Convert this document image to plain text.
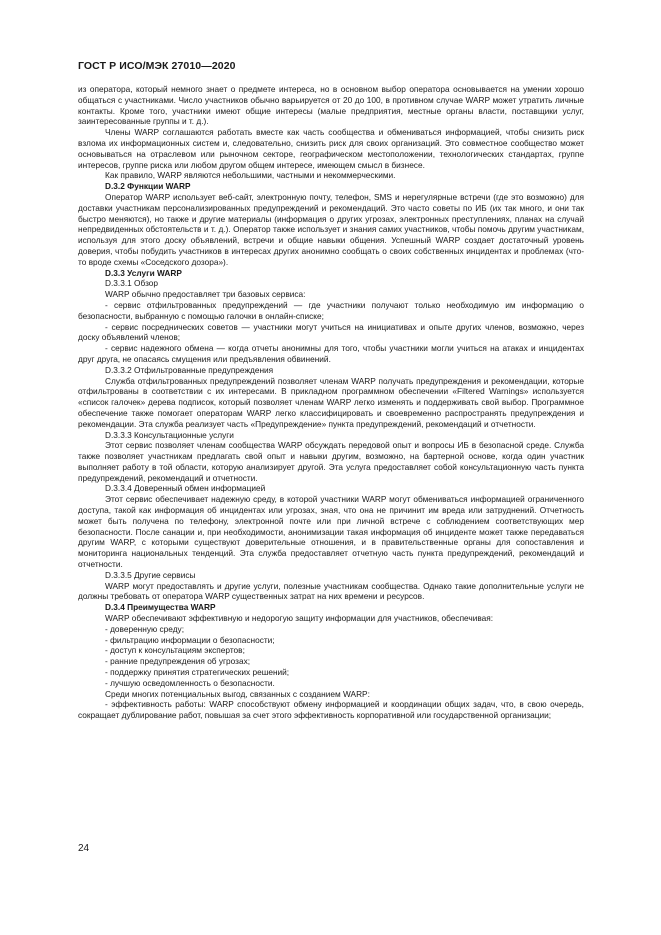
ГОСТ Р ИСО/МЭК 27010—2020

из оператора, который немного знает о предмете интереса, но в основном выбор оператора основывается на умении хорошо общаться с участниками. Число участников обычно варьируется от 20 до 100, в противном случае WARP может утратить личные контакты. Кроме того, участники имеют общие интересы (малые предприятия, местные органы власти, поставщики услуг, заинтересованные группы и т. д.).

Члены WARP соглашаются работать вместе как часть сообщества и обмениваться информацией, чтобы снизить риск взлома их информационных систем и, следовательно, снизить риск для своих организаций. Это совместное сообщество может основываться на отраслевом или рыночном секторе, географическом местоположении, технологических стандартах, группе интересов, группе риска или любом другом общем интересе, имеющем смысл в бизнесе.

Как правило, WARP являются небольшими, частными и некоммерческими.

D.3.2 Функции WARP

Оператор WARP использует веб-сайт, электронную почту, телефон, SMS и нерегулярные встречи (где это возможно) для доставки участникам персонализированных предупреждений и рекомендаций. Это часто советы по ИБ (их так много, и они так быстро меняются), но также и другие материалы (информация о других угрозах, электронных преступлениях, планах на случай непредвиденных обстоятельств и т. д.). Оператор также использует и знания самих участников, чтобы помочь другим участникам, используя для этого доску объявлений, встречи и общие навыки общения. Успешный WARP создает достаточный уровень доверия, чтобы побудить участников в интересах других анонимно сообщать о своих собственных инцидентах и проблемах (что-то вроде схемы «Соседского дозора»).

D.3.3 Услуги WARP

D.3.3.1 Обзор

WARP обычно предоставляет три базовых сервиса:

- сервис отфильтрованных предупреждений — где участники получают только необходимую им информацию о безопасности, выбранную с помощью галочки в онлайн-списке;

- сервис посреднических советов — участники могут учиться на инициативах и опыте других членов, возможно, через доску объявлений членов;

- сервис надежного обмена — когда отчеты анонимны для того, чтобы участники могли учиться на атаках и инцидентах друг друга, не опасаясь смущения или предъявления обвинений.

D.3.3.2 Отфильтрованные предупреждения

Служба отфильтрованных предупреждений позволяет членам WARP получать предупреждения и рекомендации, которые отфильтрованы в соответствии с их интересами. В прикладном программном обеспечении «Filtered Warnings» используется «список галочек» дерева подписок, который позволяет членам WARP легко изменять и поддерживать свой выбор. Программное обеспечение также помогает операторам WARP легко классифицировать и своевременно распространять предупреждения и рекомендации. Эта служба реализует часть «Предупреждение» пункта предупреждений, рекомендаций и отчетности.

D.3.3.3 Консультационные услуги

Этот сервис позволяет членам сообщества WARP обсуждать передовой опыт и вопросы ИБ в безопасной среде. Служба также позволяет участникам предлагать свой опыт и навыки другим, возможно, на бартерной основе, когда один участник выполняет работу в той области, которую анализирует другой. Эта услуга предоставляет собой консультационную часть пункта предупреждений, рекомендаций и отчетности.

D.3.3.4 Доверенный обмен информацией

Этот сервис обеспечивает надежную среду, в которой участники WARP могут обмениваться информацией ограниченного доступа, такой как информация об инцидентах или угрозах, зная, что она не причинит им вреда или затруднений. Отчетность может быть получена по телефону, электронной почте или при личной встрече с соблюдением соответствующих мер безопасности. После санации и, при необходимости, анонимизации такая информация об инциденте может также передаваться другим WARP, с которыми существуют доверительные отношения, и в правительственные органы для сопоставления и мониторинга национальных тенденций. Эта служба предоставляет отчетную часть пункта предупреждений, рекомендаций и отчетности.

D.3.3.5 Другие сервисы

WARP могут предоставлять и другие услуги, полезные участникам сообщества. Однако такие дополнительные услуги не должны требовать от оператора WARP существенных затрат на них времени и ресурсов.

D.3.4 Преимущества WARP

WARP обеспечивают эффективную и недорогую защиту информации для участников, обеспечивая:

- доверенную среду;

- фильтрацию информации о безопасности;

- доступ к консультациям экспертов;

- ранние предупреждения об угрозах;

- поддержку принятия стратегических решений;

- лучшую осведомленность о безопасности.

Среди многих потенциальных выгод, связанных с созданием WARP:

- эффективность работы: WARP способствуют обмену информацией и координации общих задач, что, в свою очередь, сокращает дублирование работ, повышая за счет этого эффективность корпоративной или государственной организации;

24
